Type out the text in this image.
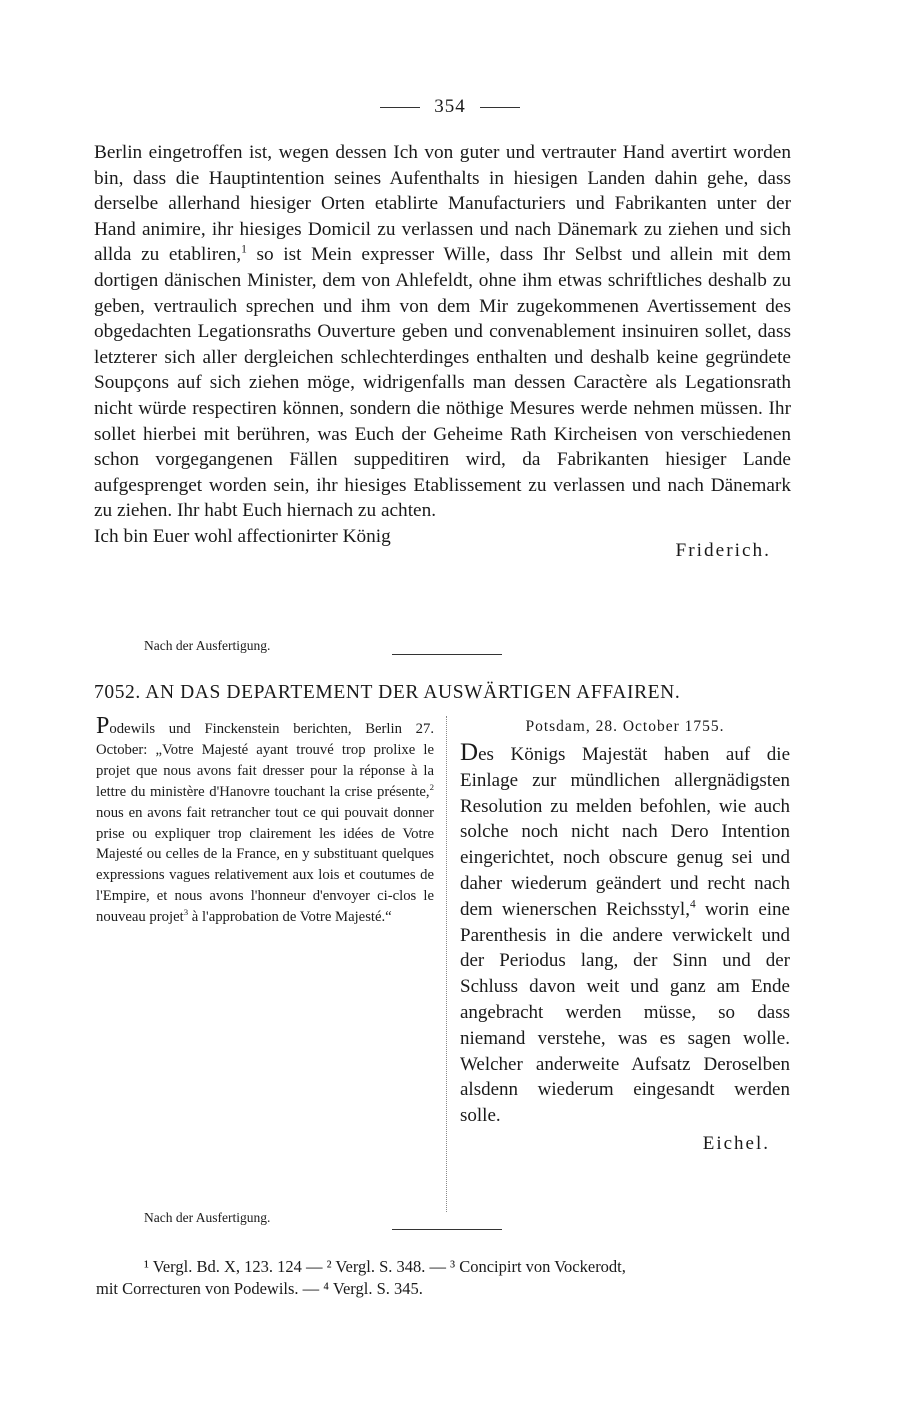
354

Berlin eingetroffen ist, wegen dessen Ich von guter und vertrauter Hand avertirt worden bin, dass die Hauptintention seines Aufenthalts in hiesigen Landen dahin gehe, dass derselbe allerhand hiesiger Orten etablirte Manufacturiers und Fabrikanten unter der Hand animire, ihr hiesiges Domicil zu verlassen und nach Dänemark zu ziehen und sich allda zu etabliren,$^1$ so ist Mein expresser Wille, dass Ihr Selbst und allein mit dem dortigen dänischen Minister, dem von Ahlefeldt, ohne ihm etwas schriftliches deshalb zu geben, vertraulich sprechen und ihm von dem Mir zugekommenen Avertissement des obgedachten Legationsraths Ouverture geben und convenablement insinuiren sollet, dass letzterer sich aller dergleichen schlechterdinges enthalten und deshalb keine gegründete Soupçons auf sich ziehen möge, widrigenfalls man dessen Caractère als Legationsrath nicht würde respectiren können, sondern die nöthige Mesures werde nehmen müssen. Ihr sollet hierbei mit berühren, was Euch der Geheime Rath Kircheisen von verschiedenen schon vorgegangenen Fällen suppeditiren wird, da Fabrikanten hiesiger Lande aufgesprenget worden sein, ihr hiesiges Etablissement zu verlassen und nach Dänemark zu ziehen. Ihr habt Euch hiernach zu achten.

Ich bin Euer wohl affectionirter König
Friderich.
Nach der Ausfertigung.
7052. AN DAS DEPARTEMENT DER AUSWÄRTIGEN AFFAIREN.
Podewils und Finckenstein berichten, Berlin 27. October: „Votre Majesté ayant trouvé trop prolixe le projet que nous avons fait dresser pour la réponse à la lettre du ministère d'Hanovre touchant la crise présente,$^2$ nous en avons fait retrancher tout ce qui pouvait donner prise ou expliquer trop clairement les idées de Votre Majesté ou celles de la France, en y substituant quelques expressions vagues relativement aux lois et coutumes de l'Empire, et nous avons l'honneur d'envoyer ci-clos le nouveau projet$^3$ à l'approbation de Votre Majesté.“
Potsdam, 28. October 1755.
Des Königs Majestät haben auf die Einlage zur mündlichen allergnädigsten Resolution zu melden befohlen, wie auch solche noch nicht nach Dero Intention eingerichtet, noch obscure genug sei und daher wiederum geändert und recht nach dem wienerschen Reichsstyl,$^4$ worin eine Parenthesis in die andere verwickelt und der Periodus lang, der Sinn und der Schluss davon weit und ganz am Ende angebracht werden müsse, so dass niemand verstehe, was es sagen wolle. Welcher anderweite Aufsatz Deroselben alsdenn wiederum eingesandt werden solle.
Eichel.
Nach der Ausfertigung.
¹ Vergl. Bd. X, 123. 124 — ² Vergl. S. 348. — ³ Concipirt von Vockerodt,
mit Correcturen von Podewils. — ⁴ Vergl. S. 345.
